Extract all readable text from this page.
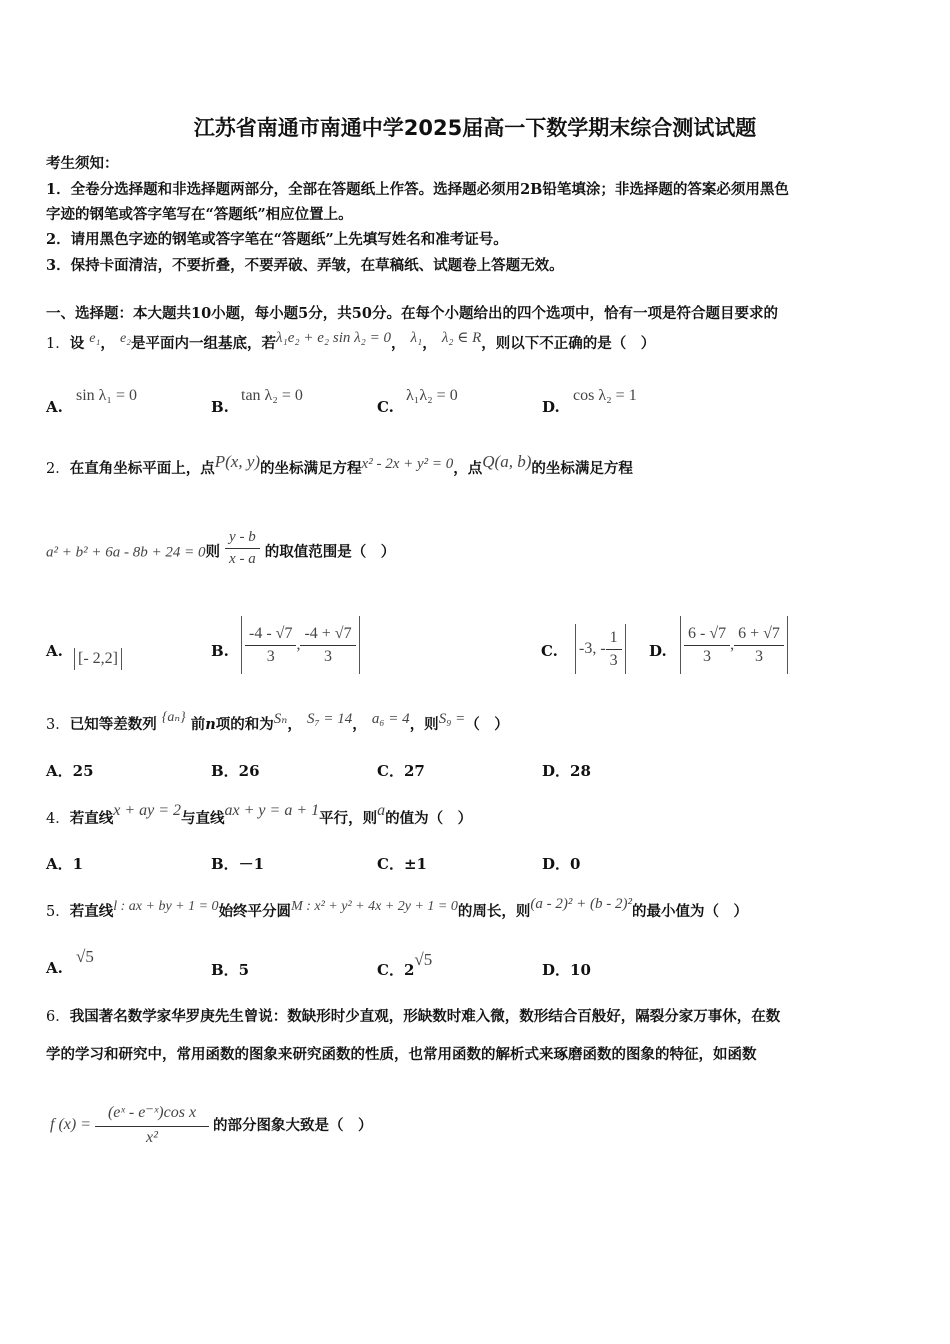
江苏省南通市南通中学2025届高一下数学期末综合测试试题
考生须知：
1．全卷分选择题和非选择题两部分，全部在答题纸上作答。选择题必须用2B铅笔填涂；非选择题的答案必须用黑色
字迹的钢笔或答字笔写在“答题纸”相应位置上。
2．请用黑色字迹的钢笔或答字笔在“答题纸”上先填写姓名和准考证号。
3．保持卡面清洁，不要折叠，不要弄破、弄皱，在草稿纸、试题卷上答题无效。
一、选择题：本大题共10小题，每小题5分，共50分。在每个小题给出的四个选项中，恰有一项是符合题目要求的
1．设 e₁， e₂是平面内一组基底，若λ₁e₂ + e₂ sin λ₂ = 0， λ₁， λ₂ ∈ R，则以下不正确的是（　）
A.
sin λ₁ = 0
B.
tan λ₂ = 0
C.
λ₁λ₂ = 0
D.
cos λ₂ = 1
2．在直角坐标平面上，点P(x, y)的坐标满足方程x² - 2x + y² = 0，点Q(a, b)的坐标满足方程
a² + b² + 6a - 8b + 24 = 0则 $\frac{y - b}{x - a}$ 的取值范围是（　）
A. [- 2,2]	B. $\frac{-4 - √7}{3}$ , $\frac{-4 + √7}{3}$	C. -3, - $\frac{1}{3} D$. $\frac{6 - √7}{3}$ , $\frac{6 + √7}{3}$
3．已知等差数列 {aₙ} 前n项的和为Sₙ， S₇ = 14， a₆ = 4，则S₉ =（　）
A．25	B．26	C．27	D．28
4．若直线x + ay = 2与直线ax + y = a + 1平行，则a的值为（　）
A．1	B．－1	C．±1	D．0
5．若直线l : ax + by + 1 = 0始终平分圆M : x² + y² + 4x + 2y + 1 = 0的周长，则(a - 2)² + (b - 2)²的最小值为（　）
A.
√5
B．5	C．2√5
D．10
6．我国著名数学家华罗庚先生曾说：数缺形时少直观，形缺数时难入微，数形结合百般好，隔裂分家万事休，在数
学的学习和研究中，常用函数的图象来研究函数的性质，也常用函数的解析式来琢磨函数的图象的特征，如函数
f $(x) = \frac{\text{(eˣ - e⁻ˣ)cos x}}{\text{x²}}$ 的部分图象大致是（　）
